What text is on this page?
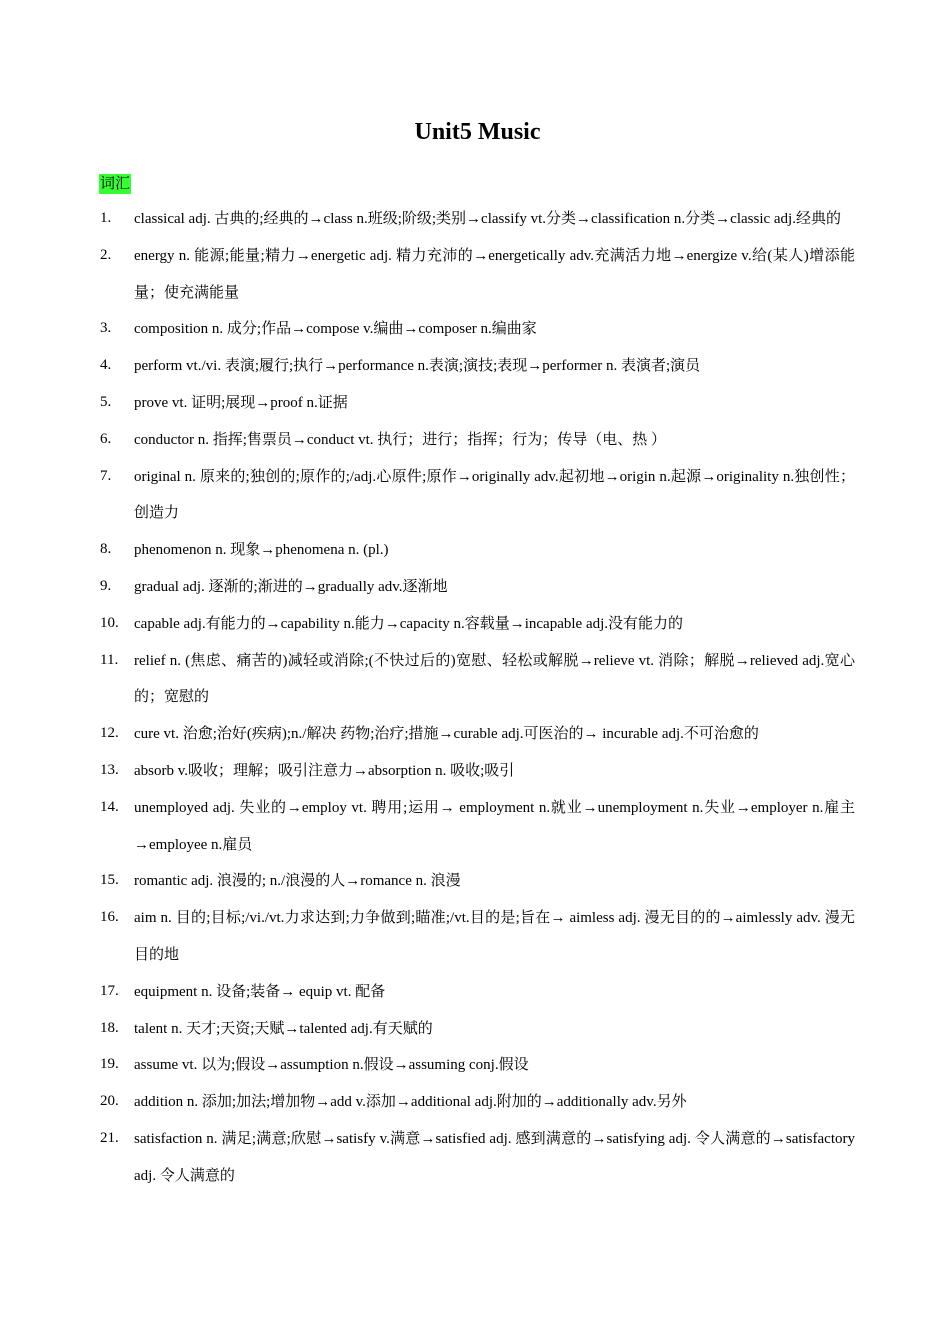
Unit5 Music
词汇
1. classical adj. 古典的;经典的→class n.班级;阶级;类别→classify vt.分类→classification n.分类→classic adj.经典的
2. energy n. 能源;能量;精力→energetic adj. 精力充沛的→energetically adv.充满活力地→energize v.给(某人)增添能量；使充满能量
3. composition n. 成分;作品→compose v.编曲→composer n.编曲家
4. perform vt./vi. 表演;履行;执行→performance n.表演;演技;表现→performer n. 表演者;演员
5. prove vt. 证明;展现→proof n.证据
6. conductor n. 指挥;售票员→conduct vt. 执行；进行；指挥；行为；传导（电、热 ）
7. original n. 原来的;独创的;原作的;/adj.心原件;原作→originally adv.起初地→origin n.起源→originality n.独创性；创造力
8. phenomenon n. 现象→phenomena n. (pl.)
9. gradual adj. 逐渐的;渐进的→gradually adv.逐渐地
10. capable adj.有能力的→capability n.能力→capacity n.容载量→incapable adj.没有能力的
11. relief n. (焦虑、痛苦的)减轻或消除;(不快过后的)宽慰、轻松或解脱→relieve vt. 消除；解脱→relieved adj.宽心的；宽慰的
12. cure vt. 治愈;治好(疾病);n./解决 药物;治疗;措施→curable adj.可医治的→ incurable adj.不可治愈的
13. absorb v.吸收；理解；吸引注意力→absorption n. 吸收;吸引
14. unemployed adj. 失业的→employ vt. 聘用;运用→ employment n.就业→unemployment n.失业→employer n.雇主→employee n.雇员
15. romantic adj. 浪漫的; n./浪漫的人→romance n. 浪漫
16. aim n. 目的;目标;/vi./vt.力求达到;力争做到;瞄准;/vt.目的是;旨在→ aimless adj. 漫无目的的→aimlessly adv. 漫无目的地
17. equipment n. 设备;装备→ equip vt. 配备
18. talent n. 天才;天资;天赋→talented adj.有天赋的
19. assume vt. 以为;假设→assumption n.假设→assuming conj.假设
20. addition n. 添加;加法;增加物→add v.添加→additional adj.附加的→additionally adv.另外
21. satisfaction n. 满足;满意;欣慰→satisfy v.满意→satisfied adj. 感到满意的→satisfying adj. 令人满意的→satisfactory adj. 令人满意的
